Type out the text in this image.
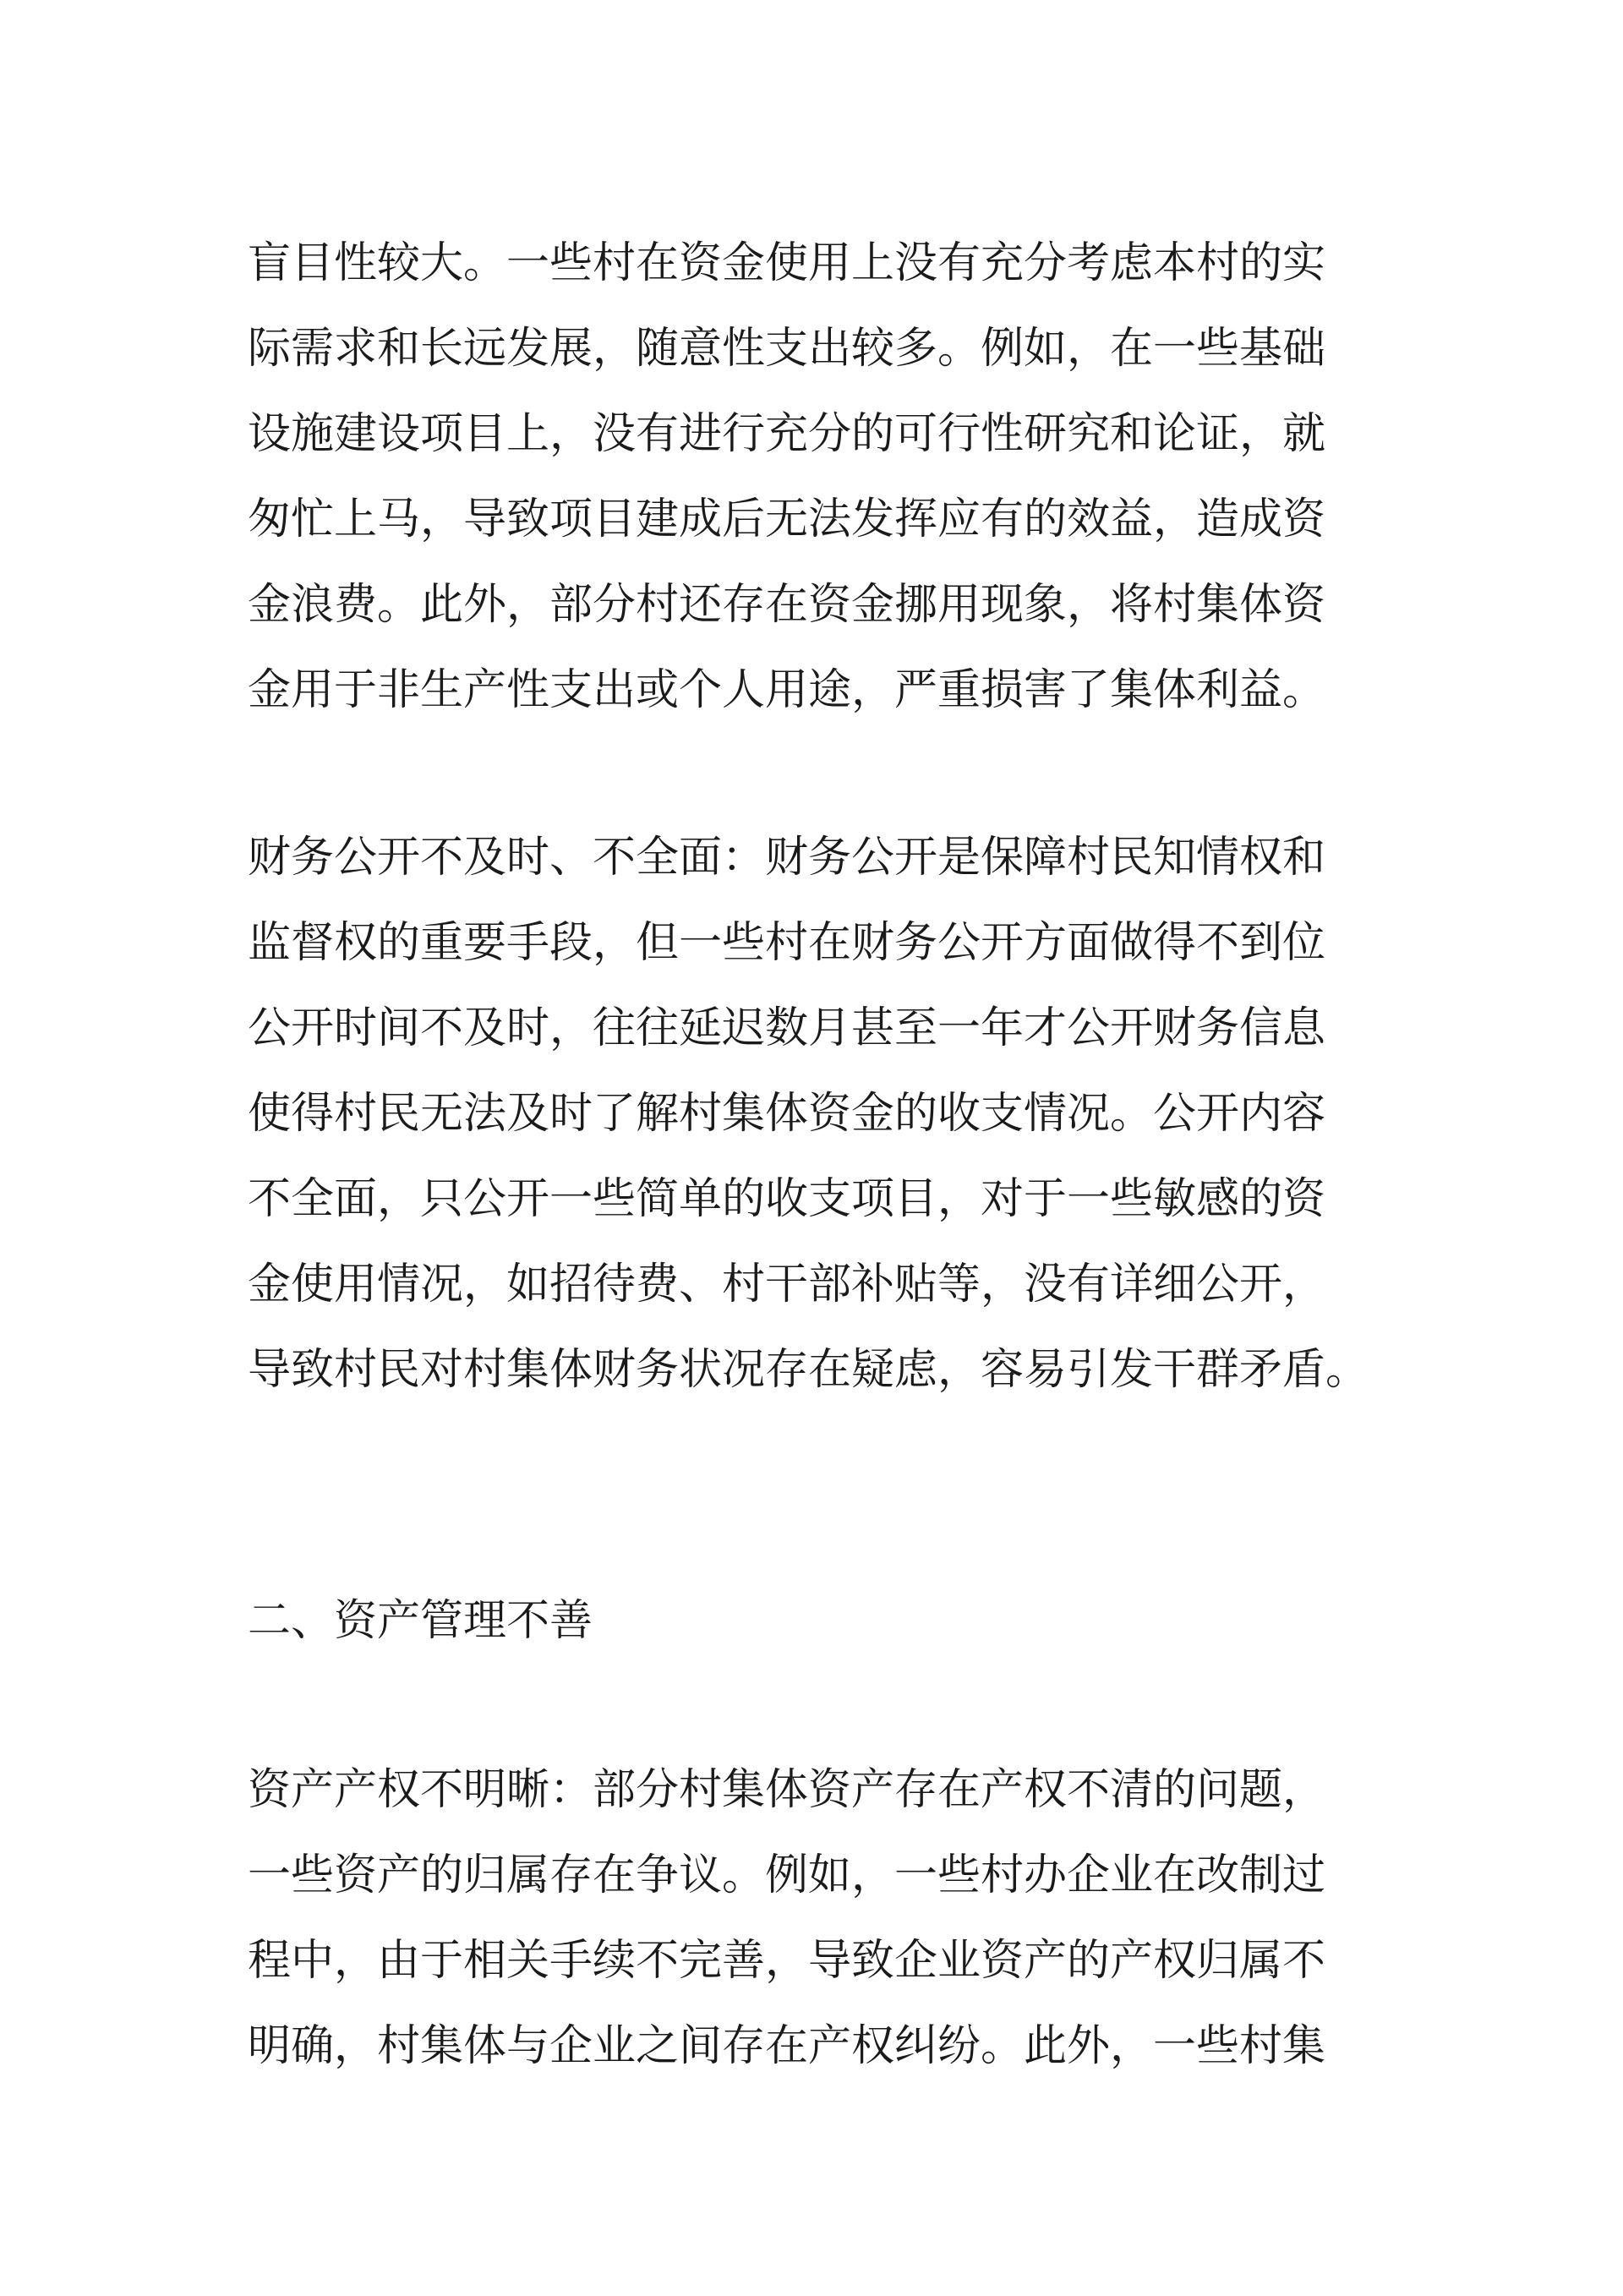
盲目性较大。一些村在资金使用上没有充分考虑本村的实

际需求和长远发展，随意性支出较多。例如，在一些基础

设施建设项目上，没有进行充分的可行性研究和论证，就

匆忙上马，导致项目建成后无法发挥应有的效益，造成资

金浪费。此外，部分村还存在资金挪用现象，将村集体资

金用于非生产性支出或个人用途，严重损害了集体利益。

财务公开不及时、不全面：财务公开是保障村民知情权和

监督权的重要手段，但一些村在财务公开方面做得不到位

公开时间不及时，往往延迟数月甚至一年才公开财务信息

使得村民无法及时了解村集体资金的收支情况。公开内容

不全面，只公开一些简单的收支项目，对于一些敏感的资

金使用情况，如招待费、村干部补贴等，没有详细公开，

导致村民对村集体财务状况存在疑虑，容易引发干群矛盾。

二、资产管理不善

资产产权不明晰：部分村集体资产存在产权不清的问题，

一些资产的归属存在争议。例如，一些村办企业在改制过

程中，由于相关手续不完善，导致企业资产的产权归属不

明确，村集体与企业之间存在产权纠纷。此外，一些村集
